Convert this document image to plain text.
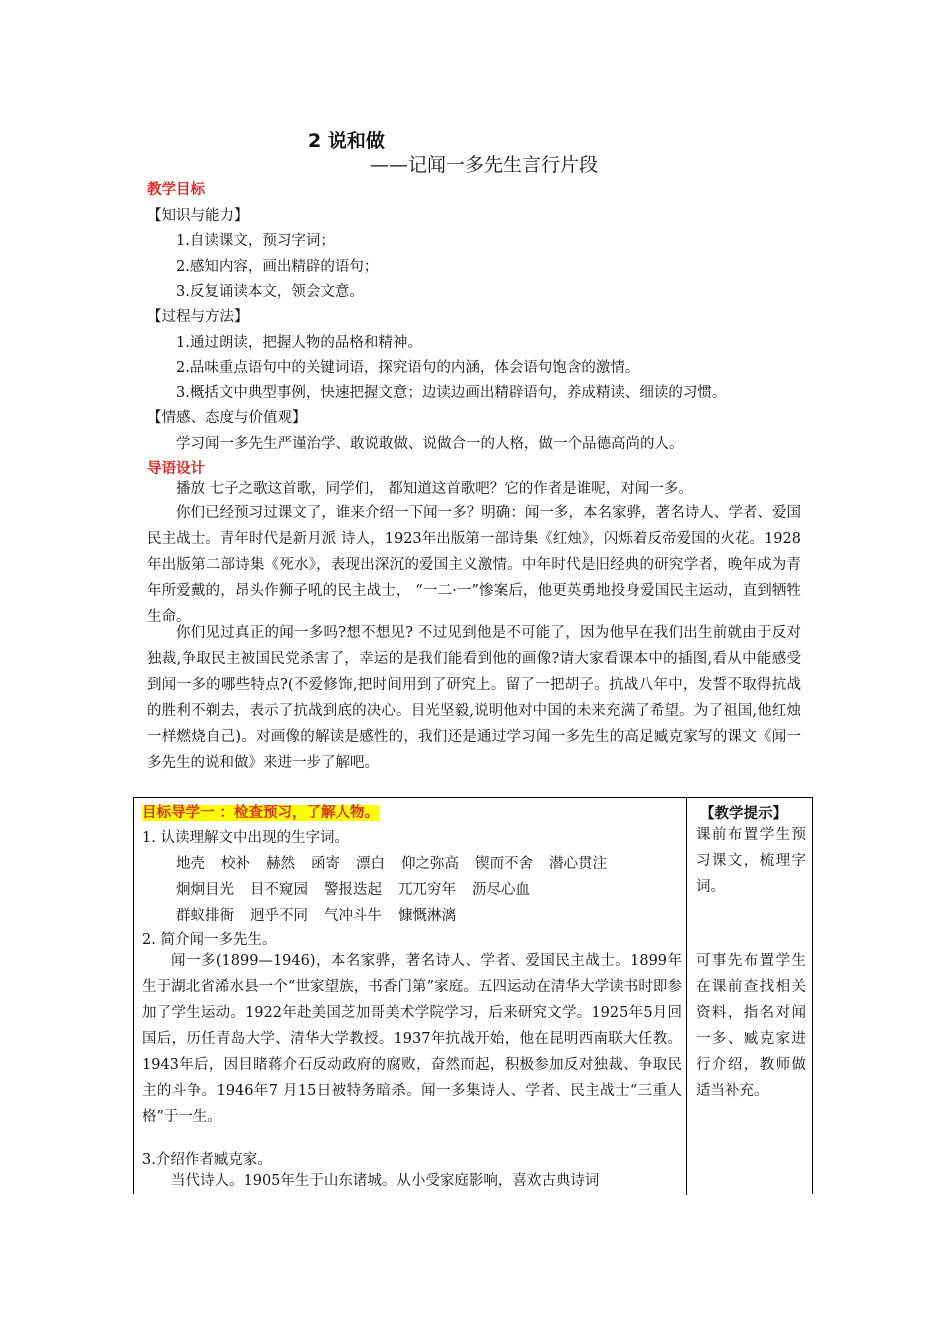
2 说和做
——记闻一多先生言行片段
教学目标
【知识与能力】
1.自读课文，预习字词；
2.感知内容，画出精辟的语句；
3.反复诵读本文，领会文意。
【过程与方法】
1.通过朗读，把握人物的品格和精神。
2.品味重点语句中的关键词语，探究语句的内涵，体会语句饱含的激情。
3.概括文中典型事例，快速把握文意；边读边画出精辟语句，养成精读、细读的习惯。
【情感、态度与价值观】
学习闻一多先生严谨治学、敢说敢做、说做合一的人格，做一个品德高尚的人。
导语设计

播放 七子之歌这首歌，同学们， 都知道这首歌吧？它的作者是谁呢，对闻一多。

你们已经预习过课文了，谁来介绍一下闻一多？明确：闻一多，本名家骅，著名诗人、学者、爱国民主战士。青年时代是新月派 诗人，1923年出版第一部诗集《红烛》，闪烁着反帝爱国的火花。1928年出版第二部诗集《死水》，表现出深沉的爱国主义激情。中年时代是旧经典的研究学者，晚年成为青年所爱戴的，昂头作狮子吼的民主战士， “一二·一”惨案后，他更英勇地投身爱国民主运动，直到牺牲生命。

你们见过真正的闻一多吗?想不想见? 不过见到他是不可能了，因为他早在我们出生前就由于反对独裁,争取民主被国民党杀害了，幸运的是我们能看到他的画像?请大家看课本中的插图,看从中能感受到闻一多的哪些特点?(不爱修饰,把时间用到了研究上。留了一把胡子。抗战八年中，发誓不取得抗战的胜利不剃去，表示了抗战到底的决心。目光坚毅,说明他对中国的未来充满了希望。为了祖国,他红烛一样燃烧自己)。对画像的解读是感性的，我们还是通过学习闻一多先生的高足臧克家写的课文《闻一多先生的说和做》来进一步了解吧。

目标导学一 ：检查预习，了解人物。
1. 认读理解文中出现的生字词。
地壳 校补 赫然 函寄 漂白 仰之弥高 锲而不舍 潜心贯注
炯炯目光 目不窥园 警报迭起 兀兀穷年 沥尽心血
群蚁排衙 迥乎不同 气冲斗牛 慷慨淋漓
2. 简介闻一多先生。

闻一多(1899—1946)，本名家骅，著名诗人、学者、爱国民主战士。1899年生于湖北省浠水县一个“世家望族，书香门第”家庭。五四运动在清华大学读书时即参加了学生运动。1922年赴美国芝加哥美术学院学习，后来研究文学。1925年5月回国后，历任青岛大学、清华大学教授。1937年抗战开始，他在昆明西南联大任教。1943年后，因目睹蒋介石反动政府的腐败，奋然而起，积极参加反对独裁、争取民主的斗争。1946年7 月15日被特务暗杀。闻一多集诗人、学者、民主战士“三重人格”于一生。

3.介绍作者臧克家。

当代诗人。1905年生于山东诸城。从小受家庭影响，喜欢古典诗词

【教学提示】

课前布置学生预习课文，梳理字词。

可事先布置学生在课前查找相关资料，指名对闻一多、臧克家进行介绍，教师做适当补充。
